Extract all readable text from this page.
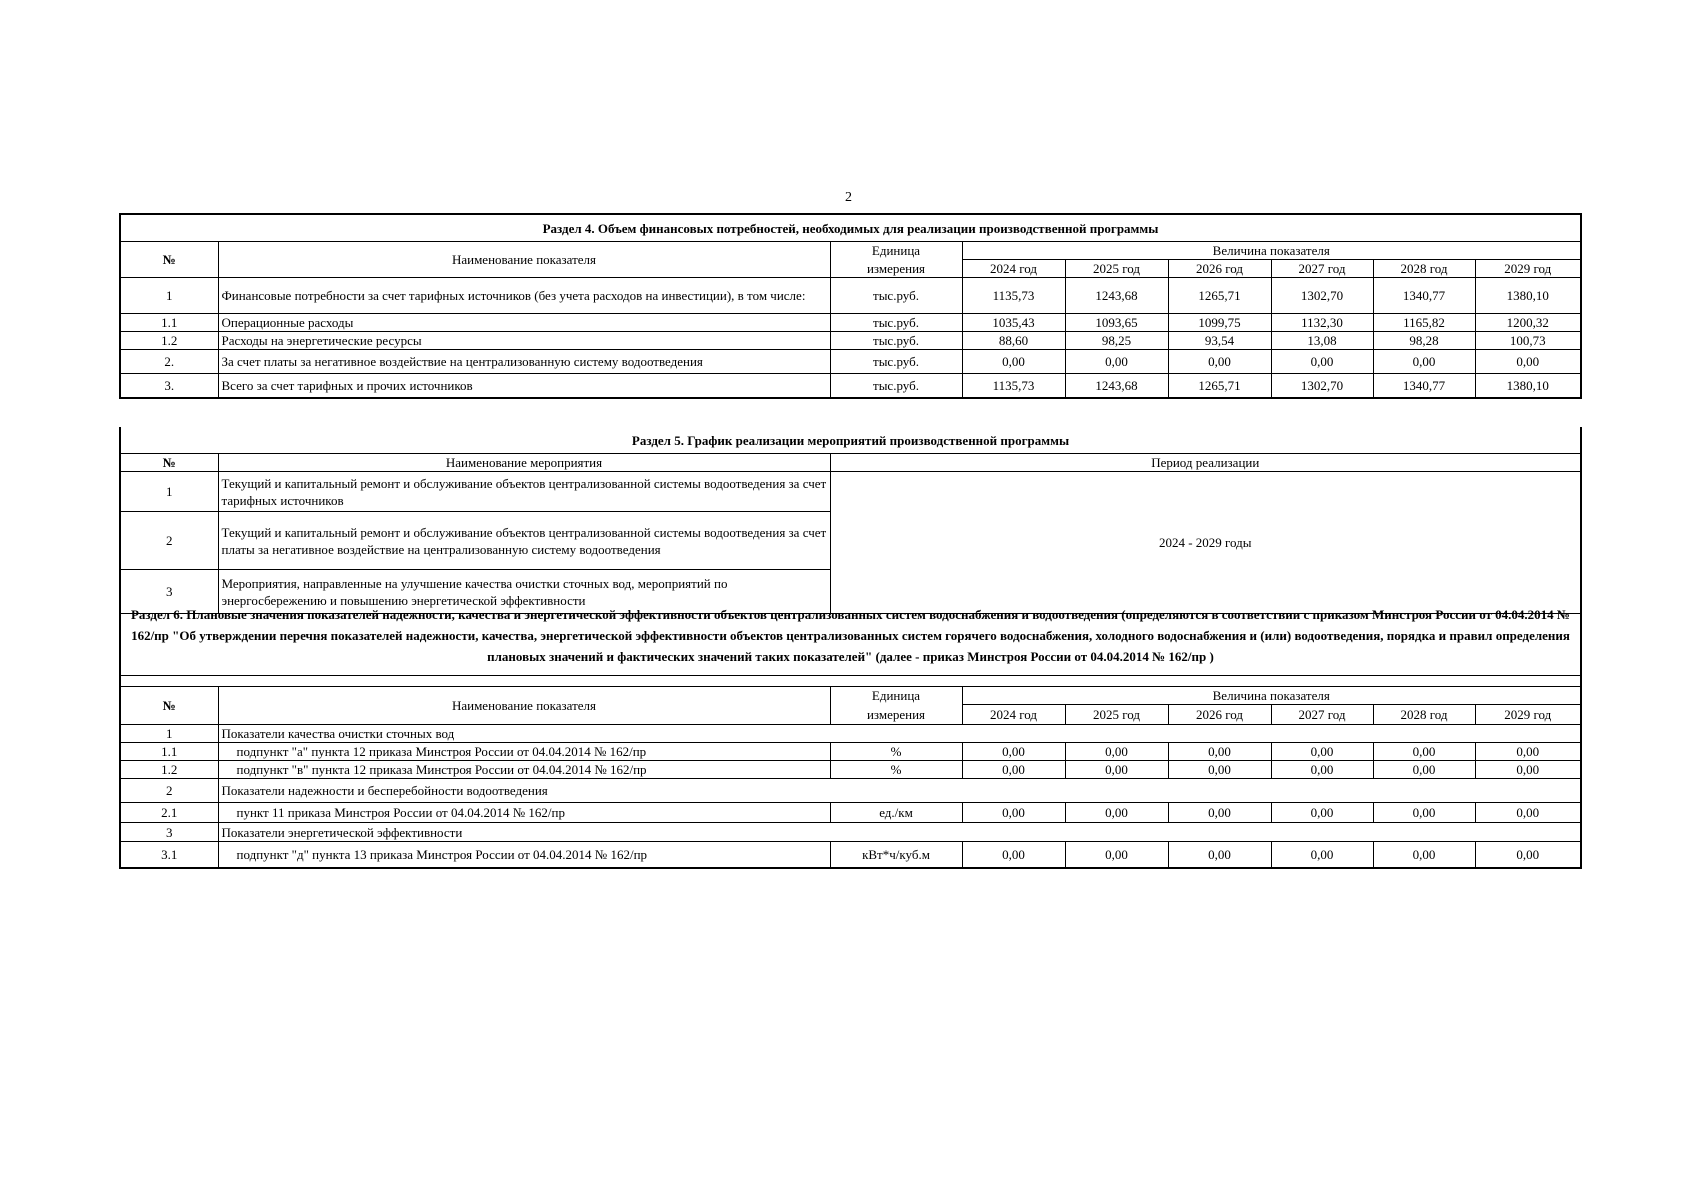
2
Раздел 4. Объем финансовых потребностей, необходимых для реализации производственной программы								
№	Наименование показателя	Единица	Величина показателя					
		измерения	2024 год	2025 год	2026 год	2027 год	2028 год	2029 год
1	Финансовые потребности за счет тарифных источников (без учета расходов на инвестиции), в том числе:	тыс.руб.	1135,73	1243,68	1265,71	1302,70	1340,77	1380,10
1.1	Операционные расходы	тыс.руб.	1035,43	1093,65	1099,75	1132,30	1165,82	1200,32
1.2	Расходы на энергетические ресурсы	тыс.руб.	88,60	98,25	93,54	13,08	98,28	100,73
2.	За счет платы за негативное воздействие на централизованную систему водоотведения	тыс.руб.	0,00	0,00	0,00	0,00	0,00	0,00
3.	Всего за счет тарифных и прочих источников	тыс.руб.	1135,73	1243,68	1265,71	1302,70	1340,77	1380,10
Раздел 5. График реализации мероприятий производственной программы		
№	Наименование мероприятия	Период реализации
1	Текущий и капитальный ремонт и обслуживание объектов централизованной системы водоотведения за счет тарифных источников	2024 - 2029 годы
2	Текущий и капитальный ремонт и обслуживание объектов централизованной системы водоотведения за счет платы за негативное воздействие на централизованную систему водоотведения	
3	Мероприятия, направленные на улучшение качества очистки сточных вод, мероприятий по энергосбережению и повышению энергетической эффективности	
Раздел 6. Плановые значения показателей надежности, качества и энергетической эффективности объектов централизованных систем водоснабжения и водоотведения (определяются в соответствии с приказом Минстроя России от 04.04.2014 № 162/пр "Об утверждении перечня показателей надежности, качества, энергетической эффективности объектов централизованных систем горячего водоснабжения, холодного водоснабжения и (или) водоотведения, порядка и правил определения плановых значений и фактических значений таких показателей" (далее - приказ Минстроя России от 04.04.2014 № 162/пр )								

№	Наименование показателя	Единица	Величина показателя					
		измерения	2024 год	2025 год	2026 год	2027 год	2028 год	2029 год
1	Показатели качества очистки сточных вод							
1.1	подпункт "а" пункта 12 приказа Минстроя России от 04.04.2014 № 162/пр	%	0,00	0,00	0,00	0,00	0,00	0,00
1.2	подпункт "в" пункта 12 приказа Минстроя России от 04.04.2014 № 162/пр	%	0,00	0,00	0,00	0,00	0,00	0,00
2	Показатели надежности и бесперебойности водоотведения							
2.1	пункт 11 приказа Минстроя России от 04.04.2014 № 162/пр	ед./км	0,00	0,00	0,00	0,00	0,00	0,00
3	Показатели энергетической эффективности							
3.1	подпункт "д" пункта 13 приказа Минстроя России от 04.04.2014 № 162/пр	кВт*ч/куб.м	0,00	0,00	0,00	0,00	0,00	0,00
